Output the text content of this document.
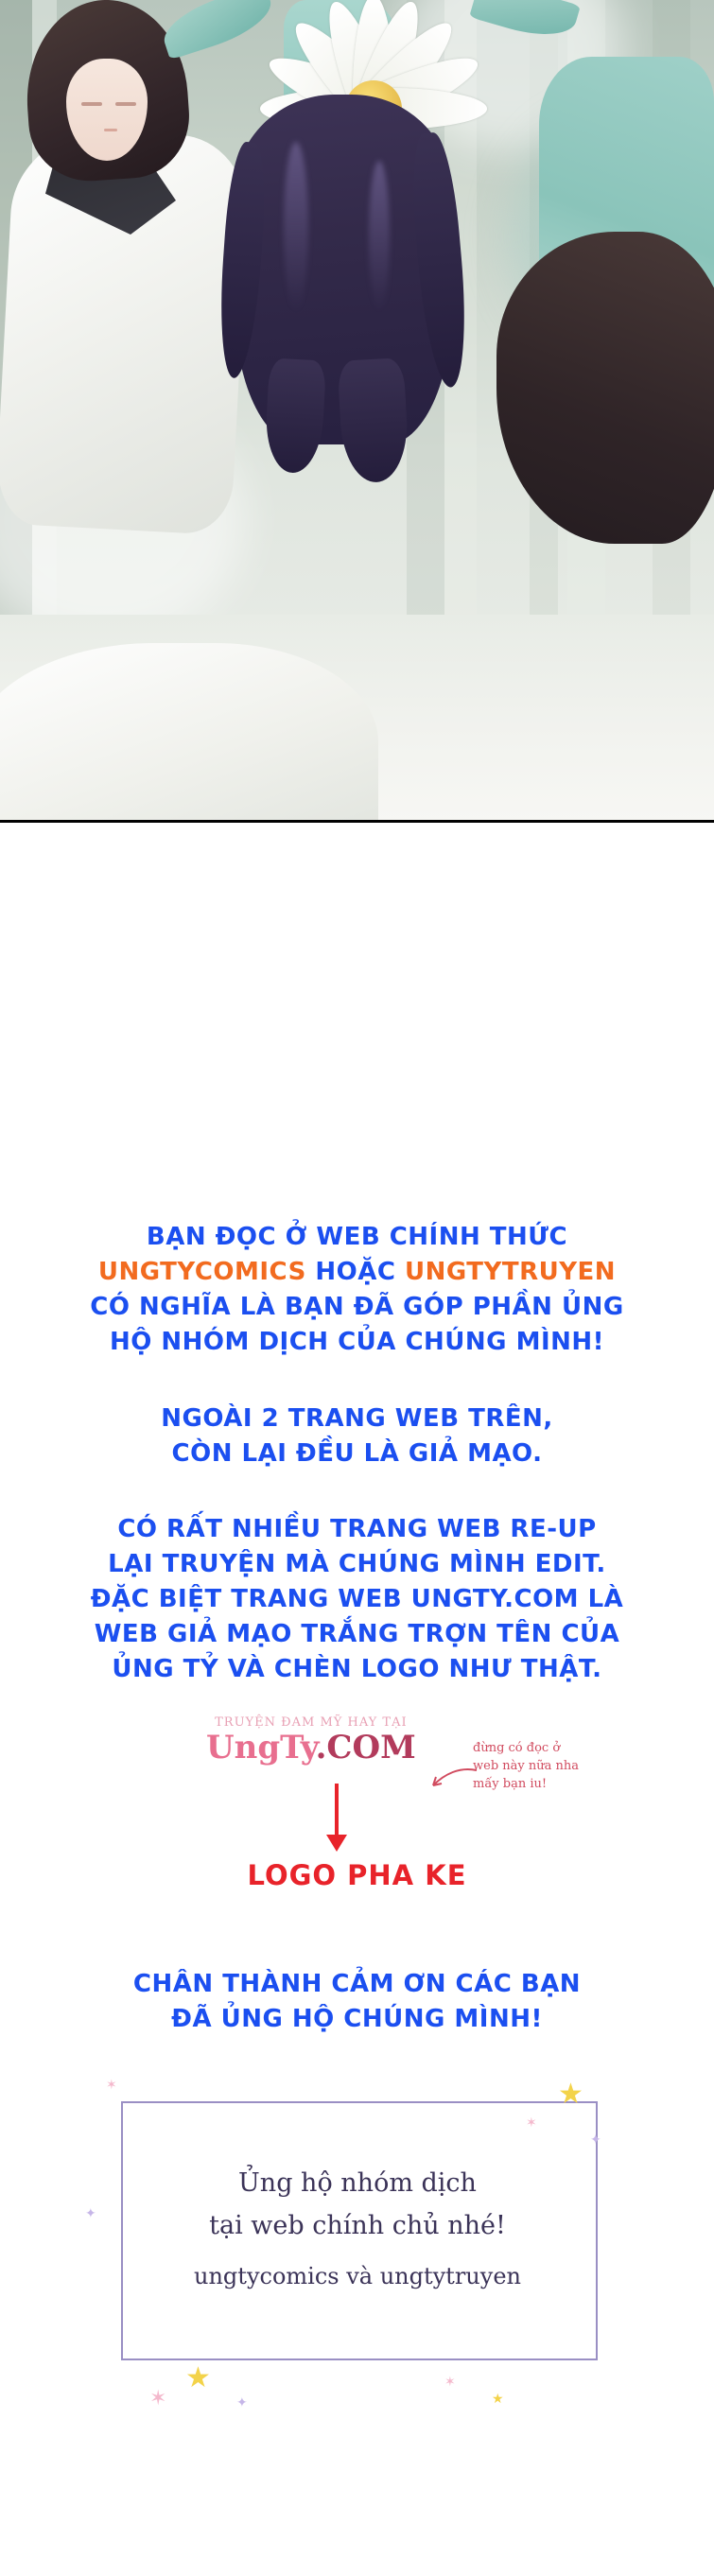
BẠN ĐỌC Ở WEB CHÍNH THỨC
UNGTYCOMICS HOẶC UNGTYTRUYEN
CÓ NGHĨA LÀ BẠN ĐÃ GÓP PHẦN ỦNG
HỘ NHÓM DỊCH CỦA CHÚNG MÌNH!
NGOÀI 2 TRANG WEB TRÊN,
CÒN LẠI ĐỀU LÀ GIẢ MẠO.
CÓ RẤT NHIỀU TRANG WEB RE-UP
LẠI TRUYỆN MÀ CHÚNG MÌNH EDIT.
ĐẶC BIỆT TRANG WEB UNGTY.COM LÀ
WEB GIẢ MẠO TRẮNG TRỢN TÊN CỦA
ỦNG TỶ VÀ CHÈN LOGO NHƯ THẬT.
TRUYỆN ĐAM MỸ HAY TẠI
UngTy.COM	đừng có đọc ở
web này nữa nha
mấy bạn iu!
LOGO PHA KE
CHÂN THÀNH CẢM ƠN CÁC BẠN
ĐÃ ỦNG HỘ CHÚNG MÌNH!
Ủng hộ nhóm dịch
tại web chính chủ nhé!
ungtycomics và ungtytruyen
★
✶
✦
✶
✦
★
✶	✦
✶
★
